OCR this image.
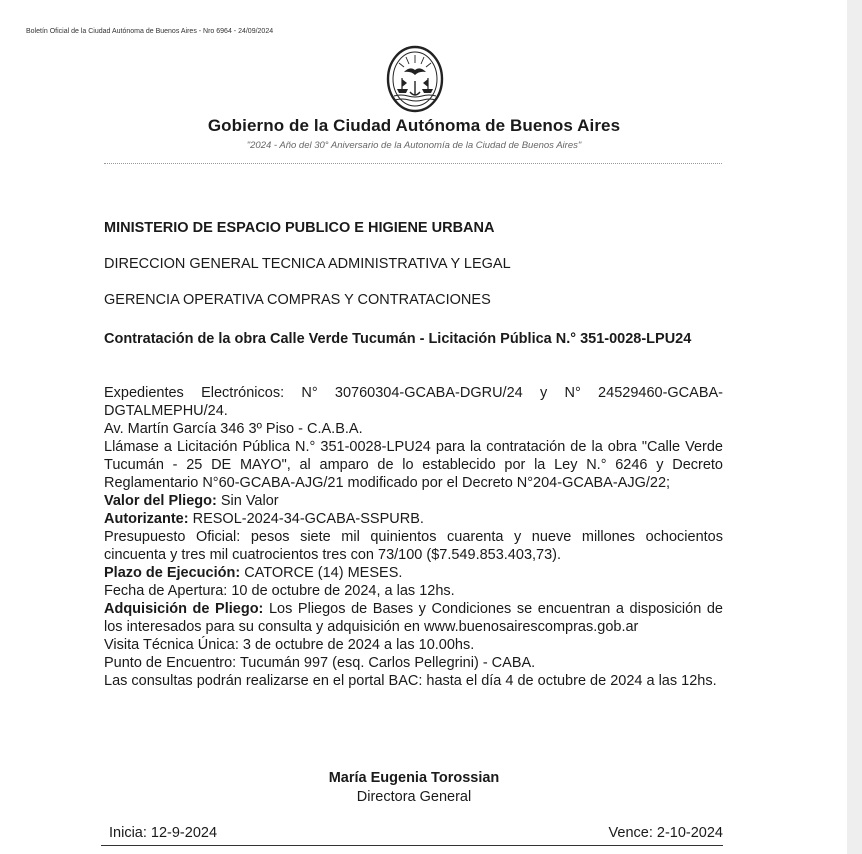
Boletín Oficial de la Ciudad Autónoma de Buenos Aires - Nro 6964 - 24/09/2024
Gobierno de la Ciudad Autónoma de Buenos Aires
"2024 - Año del 30° Aniversario de la Autonomía de la Ciudad de Buenos Aires"
MINISTERIO DE ESPACIO PUBLICO E HIGIENE URBANA
DIRECCION GENERAL TECNICA ADMINISTRATIVA Y LEGAL
GERENCIA OPERATIVA COMPRAS Y CONTRATACIONES
Contratación de la obra Calle Verde Tucumán - Licitación Pública N.° 351-0028-LPU24

Expedientes Electrónicos: N° 30760304-GCABA-DGRU/24 y N° 24529460-GCABA-DGTALMEPHU/24.

Av. Martín García 346 3º Piso - C.A.B.A.

Llámase a Licitación Pública N.° 351-0028-LPU24 para la contratación de la obra "Calle Verde Tucumán - 25 DE MAYO", al amparo de lo establecido por la Ley N.° 6246 y Decreto Reglamentario N°60-GCABA-AJG/21 modificado por el Decreto N°204-GCABA-AJG/22;

Valor del Pliego: Sin Valor

Autorizante: RESOL-2024-34-GCABA-SSPURB.

Presupuesto Oficial: pesos siete mil quinientos cuarenta y nueve millones ochocientos cincuenta y tres mil cuatrocientos tres con 73/100 ($7.549.853.403,73).

Plazo de Ejecución: CATORCE (14) MESES.

Fecha de Apertura: 10 de octubre de 2024, a las 12hs.

Adquisición de Pliego: Los Pliegos de Bases y Condiciones se encuentran a disposición de los interesados para su consulta y adquisición en www.buenosairescompras.gob.ar

Visita Técnica Única: 3 de octubre de 2024 a las 10.00hs.

Punto de Encuentro: Tucumán 997 (esq. Carlos Pellegrini) - CABA.

Las consultas podrán realizarse en el portal BAC: hasta el día 4 de octubre de 2024 a las 12hs.

María Eugenia Torossian
Directora General
Inicia: 12-9-2024	Vence: 2-10-2024
